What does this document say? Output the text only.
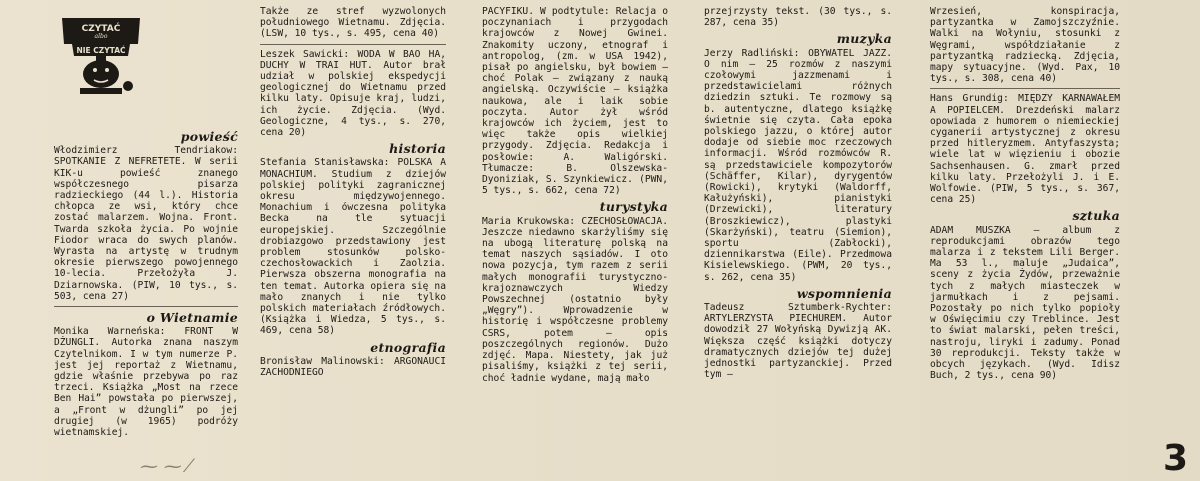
CZYTAĆ
albo
NIE CZYTAĆ
powieść

Włodzimierz Tendriakow: SPOTKANIE Z NEFRETETE. W serii KIK-u powieść znanego współczesnego pisarza radzieckiego (44 l.). Historia chłopca ze wsi, który chce zostać malarzem. Wojna. Front. Twarda szkoła życia. Po wojnie Fiodor wraca do swych planów. Wyrasta na artystę w trudnym okresie pierwszego powojennego 10-lecia. Przełożyła J. Dziarnowska. (PIW, 10 tys., s. 503, cena 27)

o Wietnamie

Monika Warneńska: FRONT W DŻUNGLI. Autorka znana naszym Czytelnikom. I w tym numerze P. jest jej reportaż z Wietnamu, gdzie właśnie przebywa po raz trzeci. Książka „Most na rzece Ben Hai” powstała po pierwszej, a „Front w dżungli” po jej drugiej (w 1965) podróży wietnamskiej.

Także ze stref wyzwolonych południowego Wietnamu. Zdjęcia. (LSW, 10 tys., s. 495, cena 40)

Leszek Sawicki: WODA W BAO HA, DUCHY W TRAI HUT. Autor brał udział w polskiej ekspedycji geologicznej do Wietnamu przed kilku laty. Opisuje kraj, ludzi, ich życie. Zdjęcia. (Wyd. Geologiczne, 4 tys., s. 270, cena 20)

historia

Stefania Stanisławska: POLSKA A MONACHIUM. Studium z dziejów polskiej polityki zagranicznej okresu międzywojennego. Monachium i ówczesna polityka Becka na tle sytuacji europejskiej. Szczególnie drobiazgowo przedstawiony jest problem stosunków polsko-czechosłowackich i Zaolzia. Pierwsza obszerna monografia na ten temat. Autorka opiera się na mało znanych i nie tylko polskich materiałach źródłowych. (Książka i Wiedza, 5 tys., s. 469, cena 58)

etnografia

Bronisław Malinowski: ARGONAUCI ZACHODNIEGO

PACYFIKU. W podtytule: Relacja o poczynaniach i przygodach krajowców z Nowej Gwinei. Znakomity uczony, etnograf i antropolog, (zm. w USA 1942), pisał po angielsku, był bowiem — choć Polak — związany z nauką angielską. Oczywiście — książka naukowa, ale i laik sobie poczyta. Autor żył wśród krajowców ich życiem, jest to więc także opis wielkiej przygody. Zdjęcia. Redakcja i posłowie: A. Waligórski. Tłumacze: B. Olszewska-Dyoniziak, S. Szynkiewicz. (PWN, 5 tys., s. 662, cena 72)

turystyka

Maria Krukowska: CZECHOSŁOWACJA. Jeszcze niedawno skarżyliśmy się na ubogą literaturę polską na temat naszych sąsiadów. I oto nowa pozycja, tym razem z serii małych monografii turystyczno-krajoznawczych Wiedzy Powszechnej (ostatnio były „Węgry”). Wprowadzenie w historię i współczesne problemy CSRS, potem — opis poszczególnych regionów. Dużo zdjęć. Mapa. Niestety, jak już pisaliśmy, książki z tej serii, choć ładnie wydane, mają mało

przejrzysty tekst. (30 tys., s. 287, cena 35)

muzyka

Jerzy Radliński: OBYWATEL JAZZ. O nim — 25 rozmów z naszymi czołowymi jazzmenami i przedstawicielami różnych dziedzin sztuki. Te rozmowy są b. autentyczne, dlatego książkę świetnie się czyta. Cała epoka polskiego jazzu, o której autor dodaje od siebie moc rzeczowych informacji. Wśród rozmówców R. są przedstawiciele kompozytorów (Schäffer, Kilar), dyrygentów (Rowicki), krytyki (Waldorff, Kałużyński), pianistyki (Drzewicki), literatury (Broszkiewicz), plastyki (Skarżyński), teatru (Siemion), sportu (Zabłocki), dziennikarstwa (Eile). Przedmowa Kisielewskiego. (PWM, 20 tys., s. 262, cena 35)

wspomnienia

Tadeusz Sztumberk-Rychter: ARTYLERZYSTA PIECHUREM. Autor dowodził 27 Wołyńską Dywizją AK. Większa część książki dotyczy dramatycznych dziejów tej dużej jednostki partyzanckiej. Przed tym —

Wrzesień, konspiracja, partyzantka w Zamojszczyźnie. Walki na Wołyniu, stosunki z Węgrami, współdziałanie z partyzantką radziecką. Zdjęcia, mapy sytuacyjne. (Wyd. Pax, 10 tys., s. 308, cena 40)

Hans Grundig: MIĘDZY KARNAWAŁEM A POPIELCEM. Drezdeński malarz opowiada z humorem o niemieckiej cyganerii artystycznej z okresu przed hitleryzmem. Antyfaszysta; wiele lat w więzieniu i obozie Sachsenhausen. G. zmarł przed kilku laty. Przełożyli J. i E. Wolfowie. (PIW, 5 tys., s. 367, cena 25)

sztuka

ADAM MUSZKA — album z reprodukcjami obrazów tego malarza i z tekstem Lili Berger. Ma 53 l., maluje „Judaica”, sceny z życia Żydów, przeważnie tych z małych miasteczek w jarmułkach i z pejsami. Pozostały po nich tylko popioły w Oświęcimiu czy Treblince. Jest to świat malarski, pełen treści, nastroju, liryki i zadumy. Ponad 30 reprodukcji. Teksty także w obcych językach. (Wyd. Idisz Buch, 2 tys., cena 90)

⁓ ⁓ ⁄	3
